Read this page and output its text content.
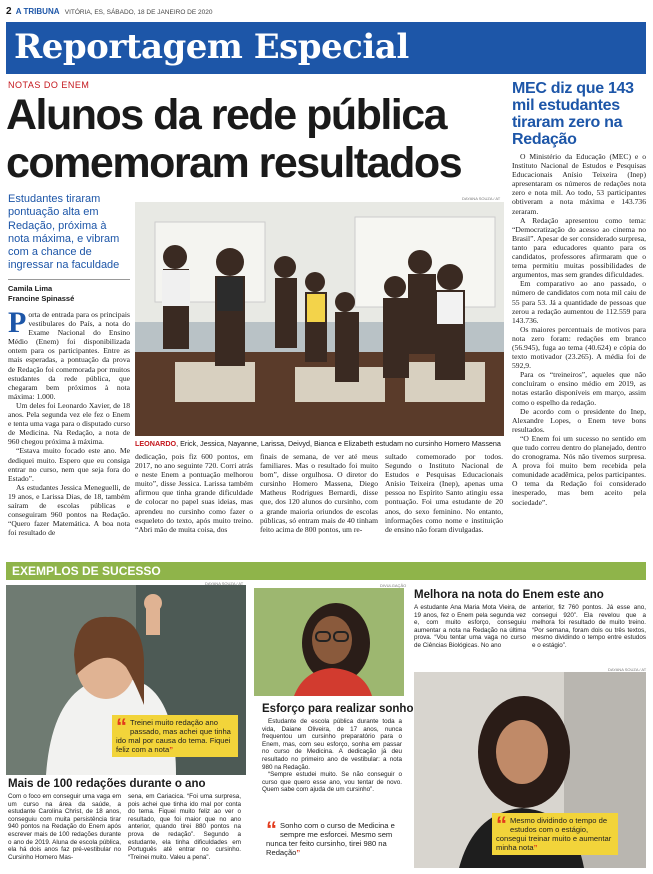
2 A TRIBUNA VITÓRIA, ES, SÁBADO, 18 DE JANEIRO DE 2020
Reportagem Especial
NOTAS DO ENEM
Alunos da rede pública
comemoram resultados
Estudantes tiraram pontuação alta em Redação, próxima à nota máxima, e vibram com a chance de ingressar na faculdade
Camila Lima
Francine Spinassé
DAYANA SOUZA / AT
LEONARDO, Erick, Jessica, Nayanne, Larissa, Deivyd, Bianca e Elizabeth estudam no cursinho Homero Massena

Porta de entrada para os principais vestibulares do País, a nota do Exame Nacional do Ensino Médio (Enem) foi disponibilizada ontem para os participantes. Entre as mais esperadas, a pontuação da prova de Redação foi comemorada por muitos estudantes da rede pública, que chegaram bem próximos à nota máxima: 1.000.

Um deles foi Leonardo Xavier, de 18 anos. Pela segunda vez ele fez o Enem e tenta uma vaga para o disputado curso de Medicina. Na Redação, a nota de 960 chegou próxima à máxima.

“Estava muito focado este ano. Me dediquei muito. Espero que eu consiga entrar no curso, nem que seja fora do Estado”.

As estudantes Jessica Meneguelli, de 19 anos, e Larissa Dias, de 18, também saíram de escolas públicas e conseguiram 960 pontos na Redação. “Quero fazer Matemática. A boa nota foi resultado de

dedicação, pois fiz 600 pontos, em 2017, no ano seguinte 720. Corri atrás e neste Enem a pontuação melhorou muito”, disse Jessica. Larissa também afirmou que tinha grande dificuldade de colocar no papel suas ideias, mas aprendeu no cursinho como fazer o esqueleto do texto, após muito treino. “Abri mão de muita coisa, dos
finais de semana, de ver até meus familiares. Mas o resultado foi muito bom”, disse orgulhosa. O diretor do cursinho Homero Massena, Diego Matheus Rodrigues Bernardi, disse que, dos 120 alunos do cursinho, com a grande maioria oriundos de escolas públicas, só entram mais de 40 tinham feito acima de 800 pontos, um re-
sultado comemorado por todos. Segundo o Instituto Nacional de Estudos e Pesquisas Educacionais Anísio Teixeira (Inep), apenas uma pessoa no Espírito Santo atingiu essa pontuação. Foi uma estudante de 20 anos, do sexo feminino. No entanto, informações como nome e instituição de ensino não foram divulgadas.
MEC diz que 143 mil estudantes tiraram zero na Redação

O Ministério da Educação (MEC) e o Instituto Nacional de Estudos e Pesquisas Educacionais Anísio Teixeira (Inep) apresentaram os números de redações nota zero e nota mil. Ao todo, 53 participantes obtiveram a nota máxima e 143.736 zeraram.

A Redação apresentou como tema: “Democratização do acesso ao cinema no Brasil”. Apesar de ser considerado surpresa, tanto para educadores quanto para os candidatos, professores afirmaram que o tema permitiu muitas possibilidades de argumentos, mas sem grandes dificuldades.

Em comparativo ao ano passado, o número de candidatos com nota mil caiu de 55 para 53. Já a quantidade de pessoas que zerou a redação aumentou de 112.559 para 143.736.

Os maiores percentuais de motivos para nota zero foram: redações em branco (56.945), fuga ao tema (40.624) e cópia do texto motivador (23.265). A média foi de 592,9.

Para os “treineiros”, aqueles que não concluíram o ensino médio em 2019, as notas estarão disponíveis em março, assim como o espelho da redação.

De acordo com o presidente do Inep, Alexandre Lopes, o Enem teve bons resultados.

“O Enem foi um sucesso no sentido em que tudo correu dentro do planejado, dentro do cronograma. Nós não tivemos surpresa. A prova foi muito bem recebida pela comunidade acadêmica, pelos participantes. O tema da Redação foi considerado inesperado, mas bem aceito pela sociedade”.

EXEMPLOS DE SUCESSO
DAYANA SOUZA / AT
“ Treinei muito redação ano passado, mas achei que tinha ido mal por causa do tema. Fiquei feliz com a nota”
Mais de 100 redações durante o ano
Com o foco em conseguir uma vaga em um curso na área da saúde, a estudante Carolina Christ, de 18 anos, conseguiu com muita persistência tirar 940 pontos na Redação do Enem após escrever mais de 100 redações durante o ano de 2019. Aluna de escola pública, ela há dois anos faz pré-vestibular no Cursinho Homero Mas-
sena, em Cariacica. “Foi uma surpresa, pois achei que tinha ido mal por conta do tema. Fiquei muito feliz ao ver o resultado, que foi maior que no ano anterior, quando tirei 880 pontos na prova de redação”. Segundo a estudante, ela tinha dificuldades em Português até entrar no cursinho. “Treinei muito. Valeu a pena”.
DIVULGAÇÃO
Esforço para realizar sonho

Estudante de escola pública durante toda a vida, Daiane Oliveira, de 17 anos, nunca frequentou um cursinho preparatório para o Enem, mas, com seu esforço, sonha em passar no curso de Medicina. A dedicação já deu resultado no primeiro ano de vestibular: a nota 980 na Redação.

“Sempre estudei muito. Se não conseguir o curso que quero esse ano, vou tentar de novo. Quem sabe com ajuda de um cursinho”.

“ Sonho com o curso de Medicina e sempre me esforcei. Mesmo sem nunca ter feito cursinho, tirei 980 na Redação”
Melhora na nota do Enem este ano
A estudante Ana Maria Mota Vieira, de 19 anos, fez o Enem pela segunda vez e, com muito esforço, conseguiu aumentar a nota na Redação na última prova. “Vou tentar uma vaga no curso de Ciências Biológicas. No ano
anterior, fiz 760 pontos. Já esse ano, consegui 920”. Ela revelou que a melhora foi resultado de muito treino. “Por semana, foram dois ou três textos, mesmo dividindo o tempo entre estudos e o estágio”.
DAYANA SOUZA / AT
“ Mesmo dividindo o tempo de estudos com o estágio, consegui treinar muito e aumentar minha nota”
